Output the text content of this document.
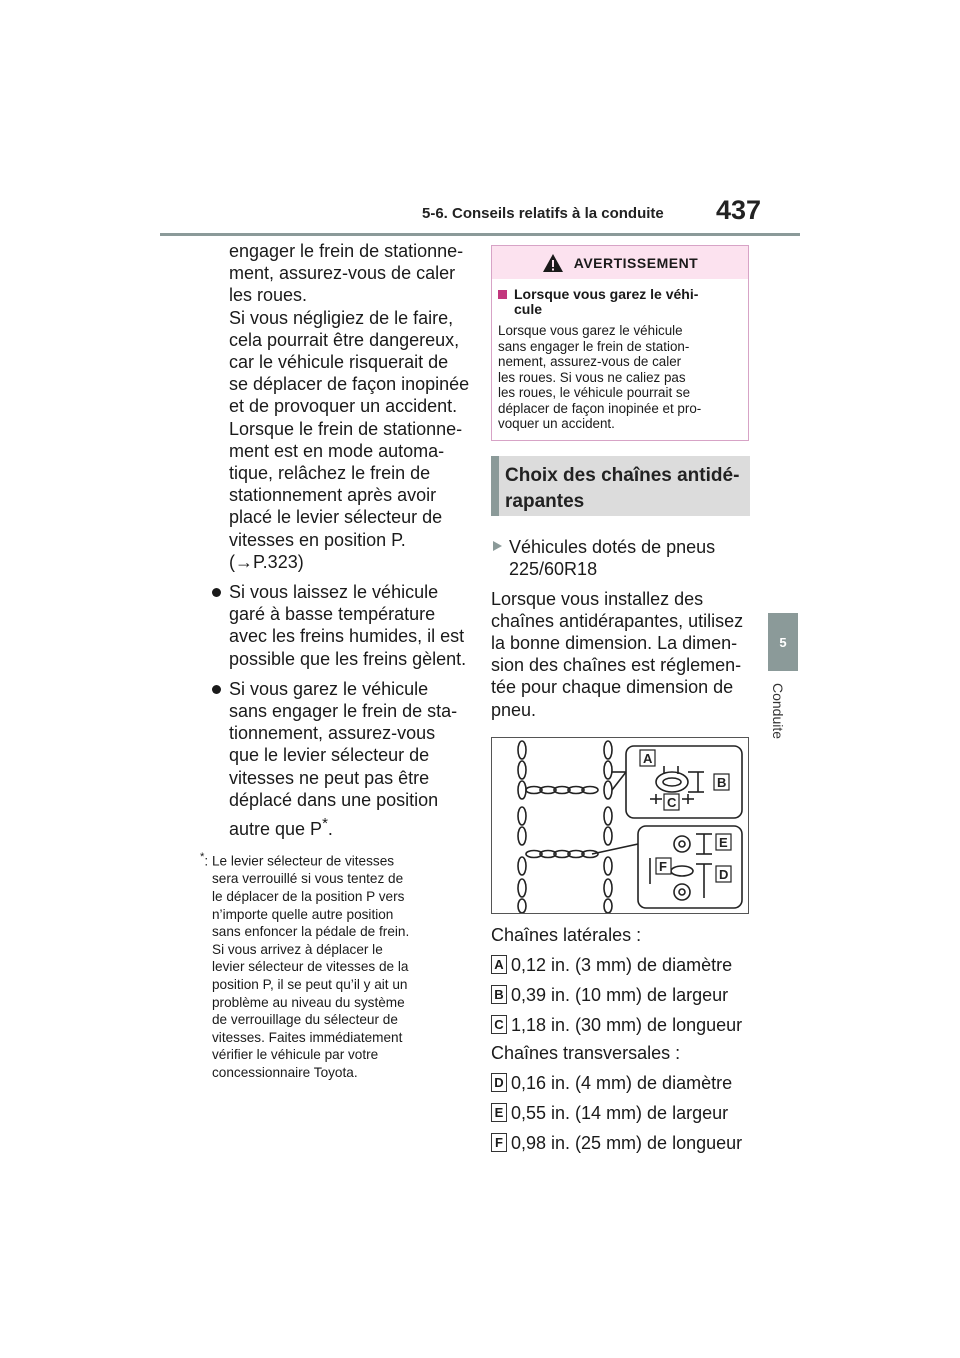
5-6. Conseils relatifs à la conduite 437
5
Conduite

engager le frein de stationne-

ment, assurez-vous de caler

les roues.

Si vous négligiez de le faire,

cela pourrait être dangereux,

car le véhicule risquerait de

se déplacer de façon inopinée

et de provoquer un accident.

Lorsque le frein de stationne-

ment est en mode automa-

tique, relâchez le frein de

stationnement après avoir

placé le levier sélecteur de

vitesses en position P.

(→P.323)

Si vous laissez le véhicule

garé à basse température

avec les freins humides, il est

possible que les freins gèlent.

Si vous garez le véhicule

sans engager le frein de sta-

tionnement, assurez-vous

que le levier sélecteur de

vitesses ne peut pas être

déplacé dans une position

autre que P*.

*: Le levier sélecteur de vitesses
sera verrouillé si vous tentez de
le déplacer de la position P vers
n’importe quelle autre position
sans enfoncer la pédale de frein.
Si vous arrivez à déplacer le
levier sélecteur de vitesses de la
position P, il se peut qu’il y ait un
problème au niveau du système
de verrouillage du sélecteur de
vitesses. Faites immédiatement
vérifier le véhicule par votre
concessionnaire Toyota.

AVERTISSEMENT
Lorsque vous garez le véhi-
cule

Lorsque vous garez le véhicule

sans engager le frein de station-

nement, assurez-vous de caler

les roues. Si vous ne caliez pas

les roues, le véhicule pourrait se

déplacer de façon inopinée et pro-

voquer un accident.

Choix des chaînes antidé-
rapantes
Véhicules dotés de pneus
225/60R18
Lorsque vous installez des
chaînes antidérapantes, utilisez
la bonne dimension. La dimen-
sion des chaînes est réglemen-
tée pour chaque dimension de
pneu.
A
B
C
E
F
D
Chaînes latérales :
A 0,12 in. (3 mm) de diamètre
B 0,39 in. (10 mm) de largeur
C 1,18 in. (30 mm) de longueur
Chaînes transversales :
D 0,16 in. (4 mm) de diamètre
E 0,55 in. (14 mm) de largeur
F 0,98 in. (25 mm) de longueur
